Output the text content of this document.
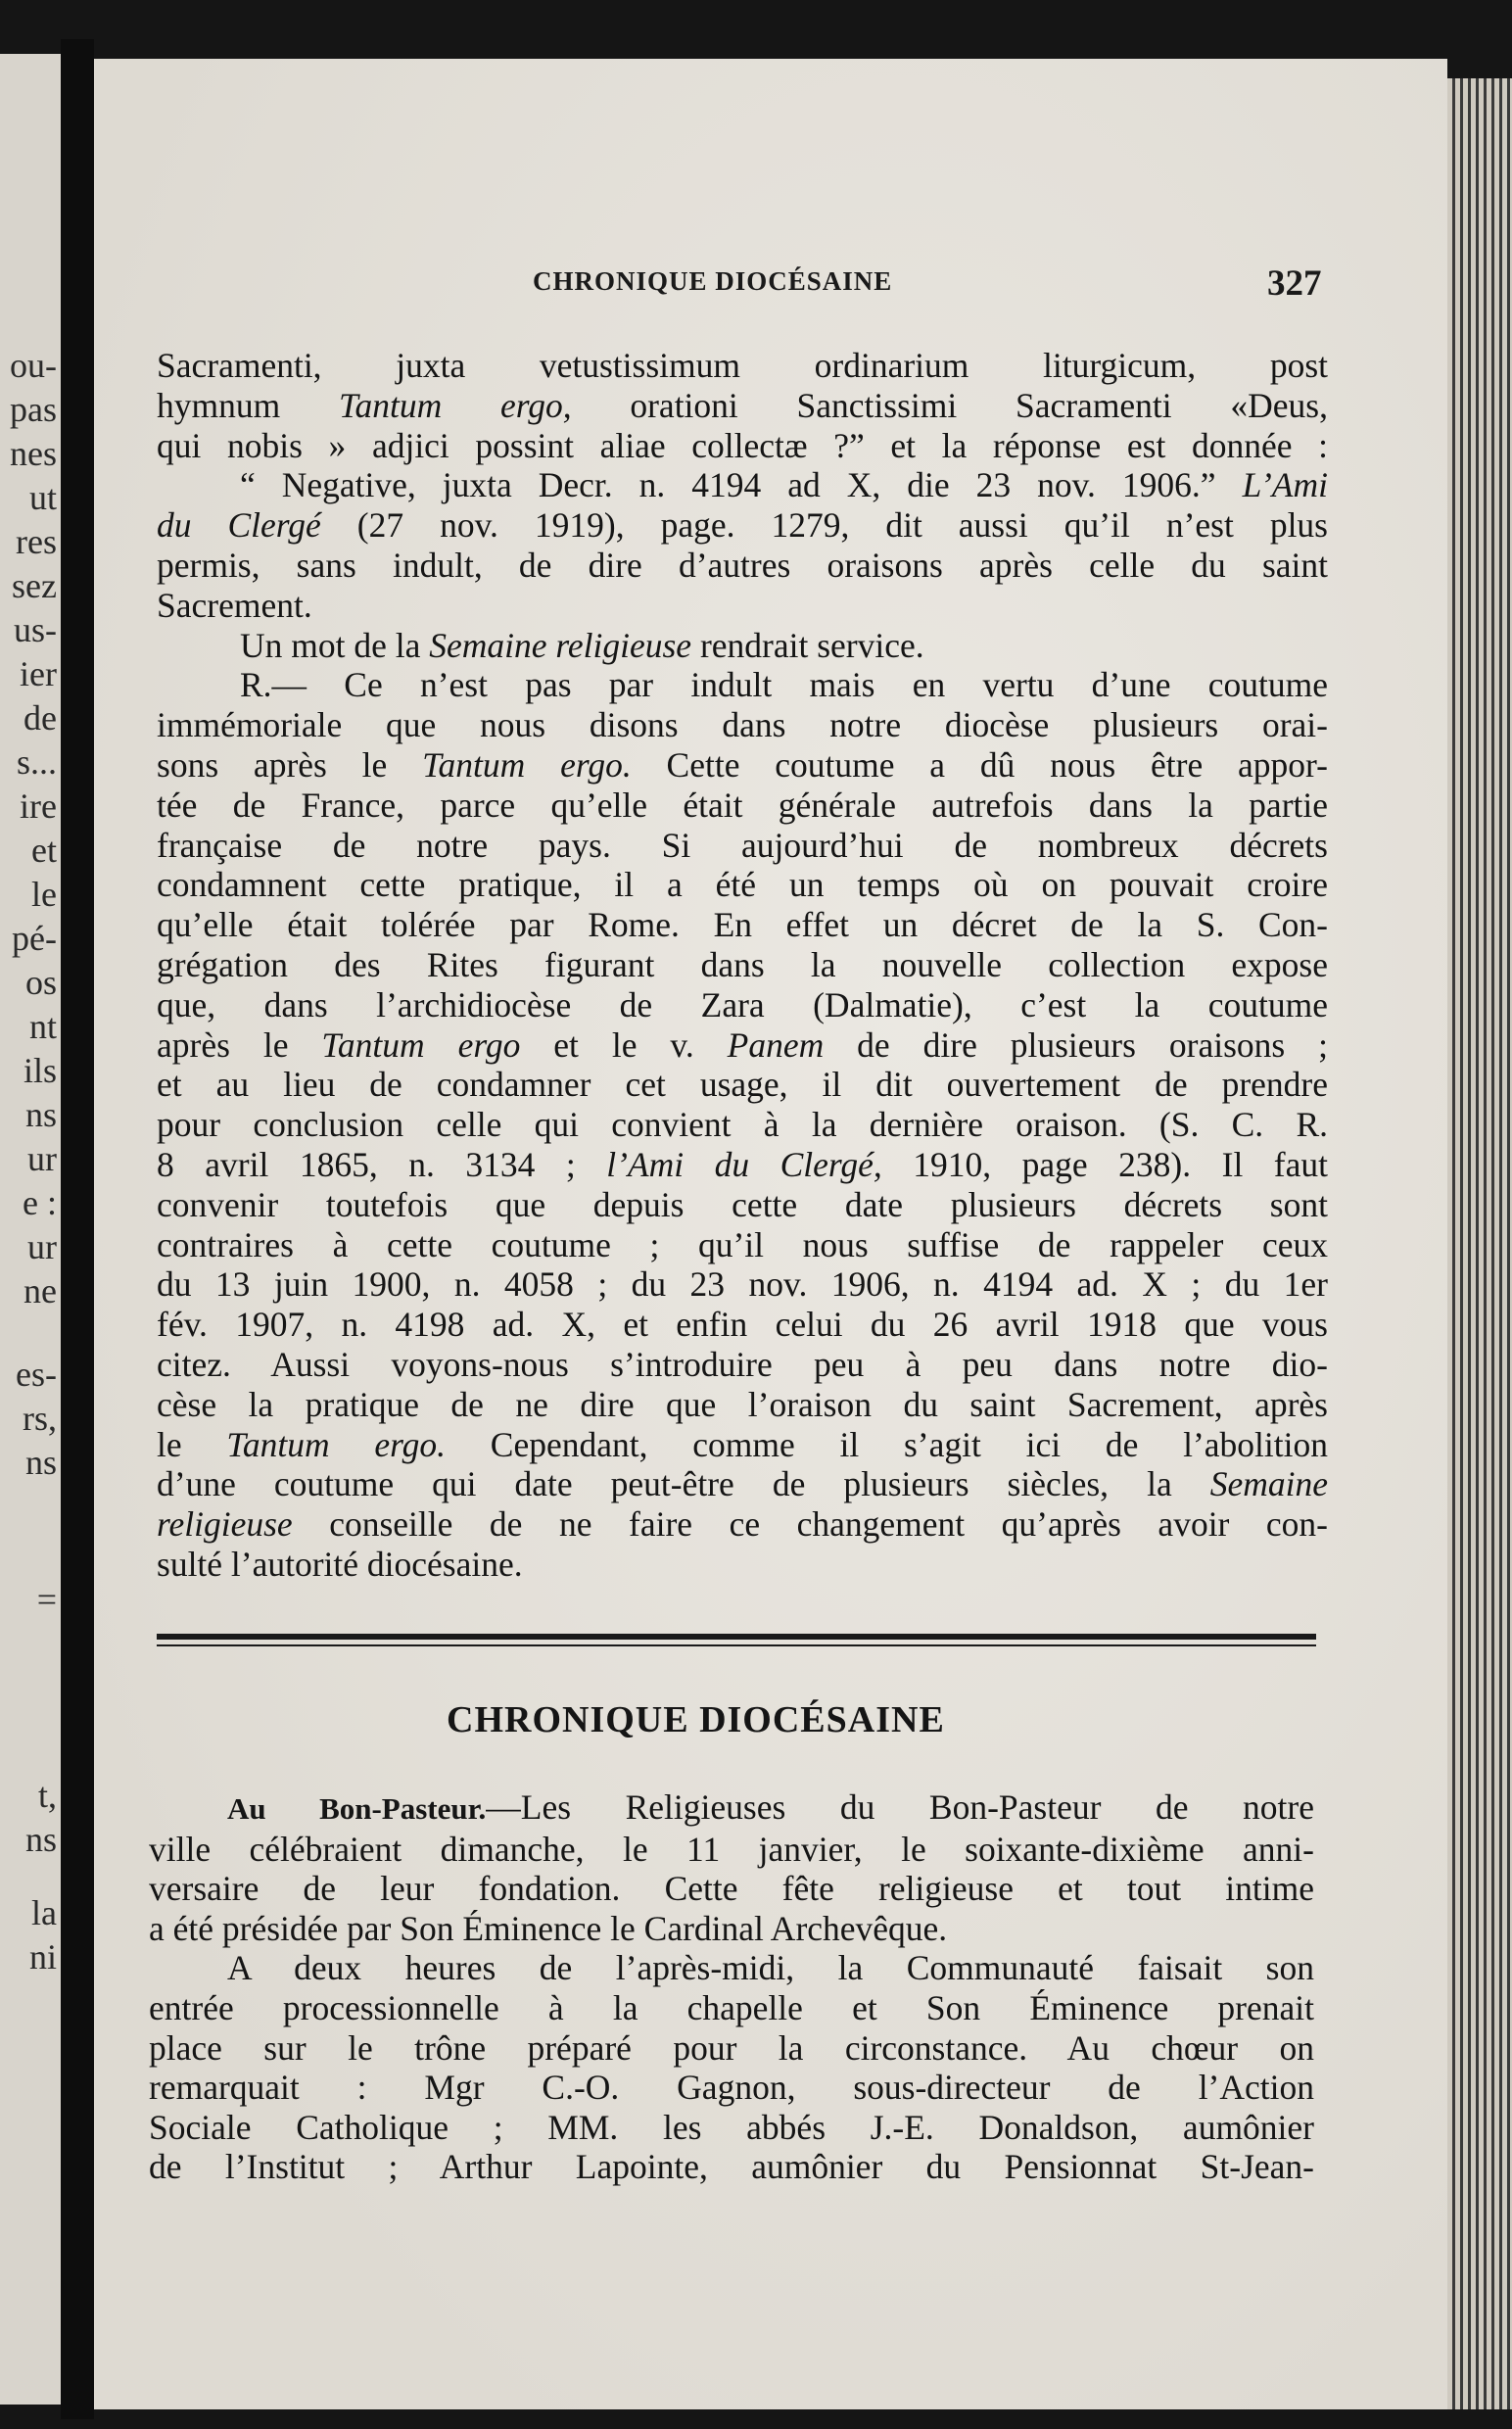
ou-
pas
nes
ut
res
sez
us-
ier
de
s...
ire
et
le
pé-
os
nt
ils
ns
ur
e :
ur
ne
es-
rs,
ns
=
t,
ns
la
ni
CHRONIQUE DIOCÉSAINE	327
Sacramenti, juxta vetustissimum ordinarium liturgicum, post
hymnum Tantum ergo, orationi Sanctissimi Sacramenti «Deus,
qui nobis » adjici possint aliae collectæ ?” et la réponse est donnée :
“ Negative, juxta Decr. n. 4194 ad X, die 23 nov. 1906.” L’Ami
du Clergé (27 nov. 1919), page. 1279, dit aussi qu’il n’est plus
permis, sans indult, de dire d’autres oraisons après celle du saint
Sacrement.
Un mot de la Semaine religieuse rendrait service.
R.— Ce n’est pas par indult mais en vertu d’une coutume
immémoriale que nous disons dans notre diocèse plusieurs orai-
sons après le Tantum ergo. Cette coutume a dû nous être appor-
tée de France, parce qu’elle était générale autrefois dans la partie
française de notre pays. Si aujourd’hui de nombreux décrets
condamnent cette pratique, il a été un temps où on pouvait croire
qu’elle était tolérée par Rome. En effet un décret de la S. Con-
grégation des Rites figurant dans la nouvelle collection expose
que, dans l’archidiocèse de Zara (Dalmatie), c’est la coutume
après le Tantum ergo et le v. Panem de dire plusieurs oraisons ;
et au lieu de condamner cet usage, il dit ouvertement de prendre
pour conclusion celle qui convient à la dernière oraison. (S. C. R.
8 avril 1865, n. 3134 ; l’Ami du Clergé, 1910, page 238). Il faut
convenir toutefois que depuis cette date plusieurs décrets sont
contraires à cette coutume ; qu’il nous suffise de rappeler ceux
du 13 juin 1900, n. 4058 ; du 23 nov. 1906, n. 4194 ad. X ; du 1er
fév. 1907, n. 4198 ad. X, et enfin celui du 26 avril 1918 que vous
citez. Aussi voyons-nous s’introduire peu à peu dans notre dio-
cèse la pratique de ne dire que l’oraison du saint Sacrement, après
le Tantum ergo. Cependant, comme il s’agit ici de l’abolition
d’une coutume qui date peut-être de plusieurs siècles, la Semaine
religieuse conseille de ne faire ce changement qu’après avoir con-
sulté l’autorité diocésaine.
CHRONIQUE DIOCÉSAINE
Au Bon-Pasteur.—Les Religieuses du Bon-Pasteur de notre
ville célébraient dimanche, le 11 janvier, le soixante-dixième anni-
versaire de leur fondation. Cette fête religieuse et tout intime
a été présidée par Son Éminence le Cardinal Archevêque.
A deux heures de l’après-midi, la Communauté faisait son
entrée processionnelle à la chapelle et Son Éminence prenait
place sur le trône préparé pour la circonstance. Au chœur on
remarquait : Mgr C.-O. Gagnon, sous-directeur de l’Action
Sociale Catholique ; MM. les abbés J.-E. Donaldson, aumônier
de l’Institut ; Arthur Lapointe, aumônier du Pensionnat St-Jean-
